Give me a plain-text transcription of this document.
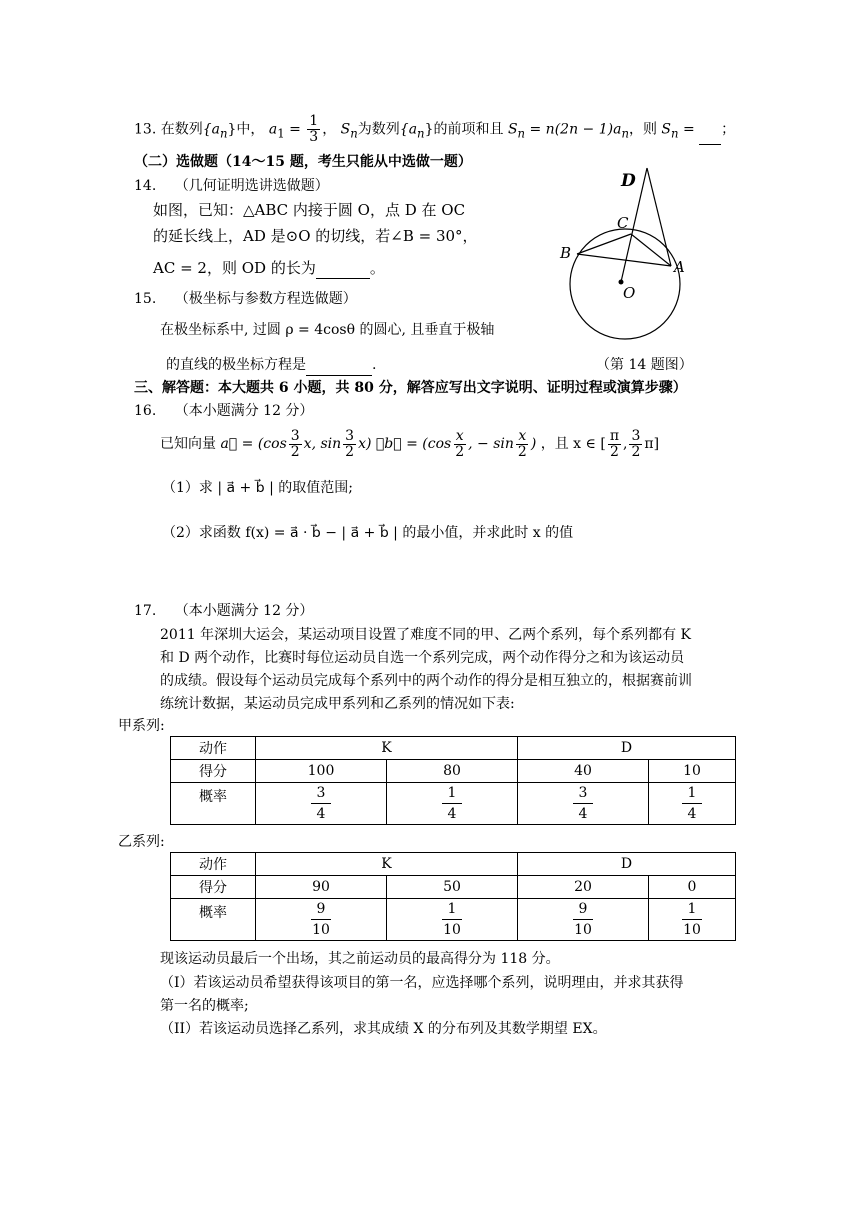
13. 在数列$\{a_n\}$中， $a_1 = \frac{1}{3}$ ， $S_n$为数列$\{a_n\}$的前项和且 $S_n = n(2n - 1)a_n$，则 $S_n$ = ；
（二）选做题（14～15 题，考生只能从中选做一题）
14. （几何证明选讲选做题）
如图，已知：△ABC 内接于圆 O，点 D 在 OC
的延长线上，AD 是⊙O 的切线，若∠B = 30°，
AC = 2，则 OD 的长为	。
15. （极坐标与参数方程选做题）
在极坐标系中, 过圆 ρ = 4cosθ 的圆心, 且垂直于极轴
的直线的极坐标方程是	.
D
C
B
A
O
（第 14 题图）
三、解答题：本大题共 6 小题，共 80 分，解答应写出文字说明、证明过程或演算步骤）
16. （本小题满分 12 分）
已知向量 a⃗ = ($\cos \frac{3}{2} x$, $\sin \frac{3}{2} x$) ，b⃗ = ($\cos \frac{x}{2}$ , − $\sin \frac{x}{2}$ ) ，且 x ∈ [ $\frac{\pi}{2}$ , $\frac{3}{2} \pi$]
（1）求 | a⃗ + b⃗ | 的取值范围;
（2）求函数 f(x) = a⃗ · b⃗ − | a⃗ + b⃗ | 的最小值，并求此时 x 的值
17. （本小题满分 12 分）
2011 年深圳大运会，某运动项目设置了难度不同的甲、乙两个系列，每个系列都有 K
和 D 两个动作，比赛时每位运动员自选一个系列完成，两个动作得分之和为该运动员
的成绩。假设每个运动员完成每个系列中的两个动作的得分是相互独立的，根据赛前训
练统计数据，某运动员完成甲系列和乙系列的情况如下表:
甲系列:
动作	K		D	
得分	100	80	40	10
概率	$\frac{3}{4}$	$\frac{1}{4}$	$\frac{3}{4}$	$\frac{1}{4}$
乙系列:
动作	K		D	
得分	90	50	20	0
概率	$\frac{9}{10}$	$\frac{1}{10}$	$\frac{9}{10}$	$\frac{1}{10}$
现该运动员最后一个出场，其之前运动员的最高得分为 118 分。
（I）若该运动员希望获得该项目的第一名，应选择哪个系列，说明理由，并求其获得
第一名的概率;
（II）若该运动员选择乙系列，求其成绩 X 的分布列及其数学期望 EX。
